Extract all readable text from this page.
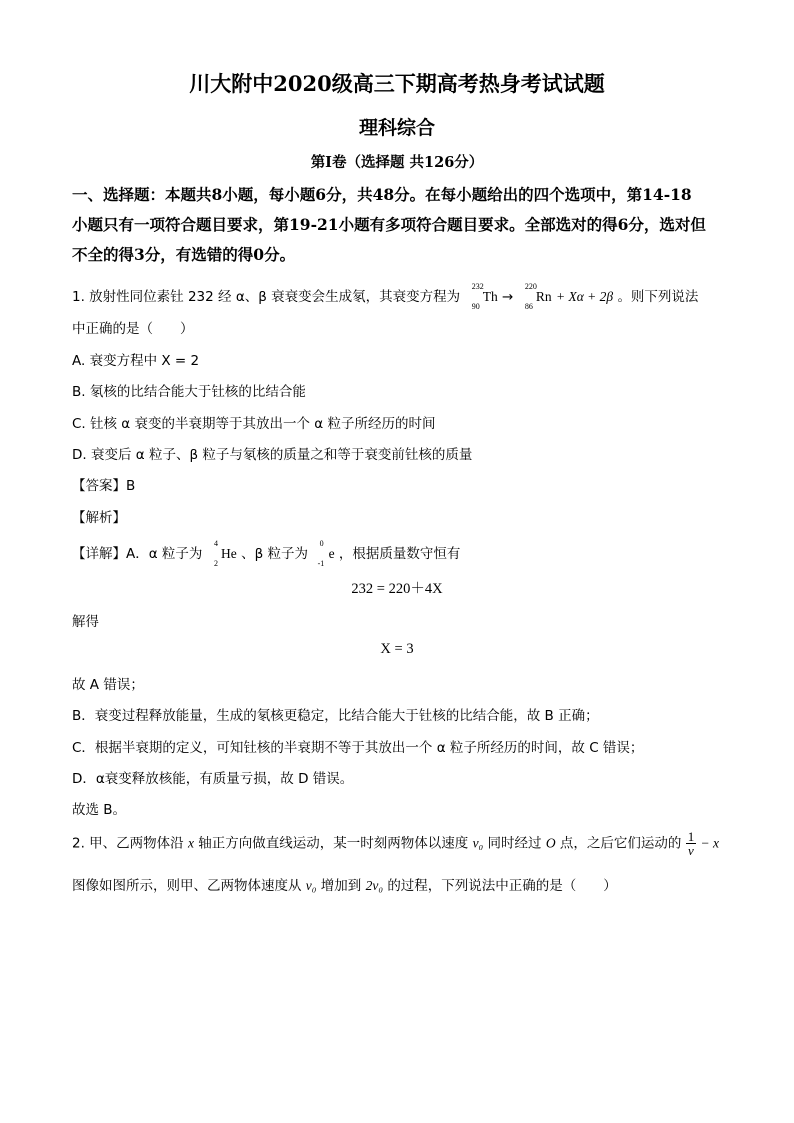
川大附中2020级高三下期高考热身考试试题
理科综合
第Ⅰ卷（选择题 共126分）
一、选择题：本题共8小题，每小题6分，共48分。在每小题给出的四个选项中，第14-18
小题只有一项符合题目要求，第19-21小题有多项符合题目要求。全部选对的得6分，选对但
不全的得3分，有选错的得0分。
1. 放射性同位素钍 232 经 α、β 衰衰变会生成氡，其衰变方程为
232
90
Th →
220
86
Rn + Xα + 2β 。则下列说法
中正确的是（　　）
A. 衰变方程中 X = 2
B. 氡核的比结合能大于钍核的比结合能
C. 钍核 α 衰变的半衰期等于其放出一个 α 粒子所经历的时间
D. 衰变后 α 粒子、β 粒子与氡核的质量之和等于衰变前钍核的质量
【答案】B
【解析】
【详解】A．α 粒子为
4
2
He 、β 粒子为
0
-1
e ，根据质量数守恒有
232 = 220＋4X
解得
X = 3
故 A 错误；
B．衰变过程释放能量，生成的氡核更稳定，比结合能大于钍核的比结合能，故 B 正确；
C．根据半衰期的定义，可知钍核的半衰期不等于其放出一个 α 粒子所经历的时间，故 C 错误；
D．α衰变释放核能，有质量亏损，故 D 错误。
故选 B。
2. 甲、乙两物体沿 x 轴正方向做直线运动，某一时刻两物体以速度 v₀ 同时经过 O 点，之后它们运动的 $\frac{1}{v} - x$
图像如图所示，则甲、乙两物体速度从 v₀ 增加到 2v₀ 的过程，下列说法中正确的是（　　）
